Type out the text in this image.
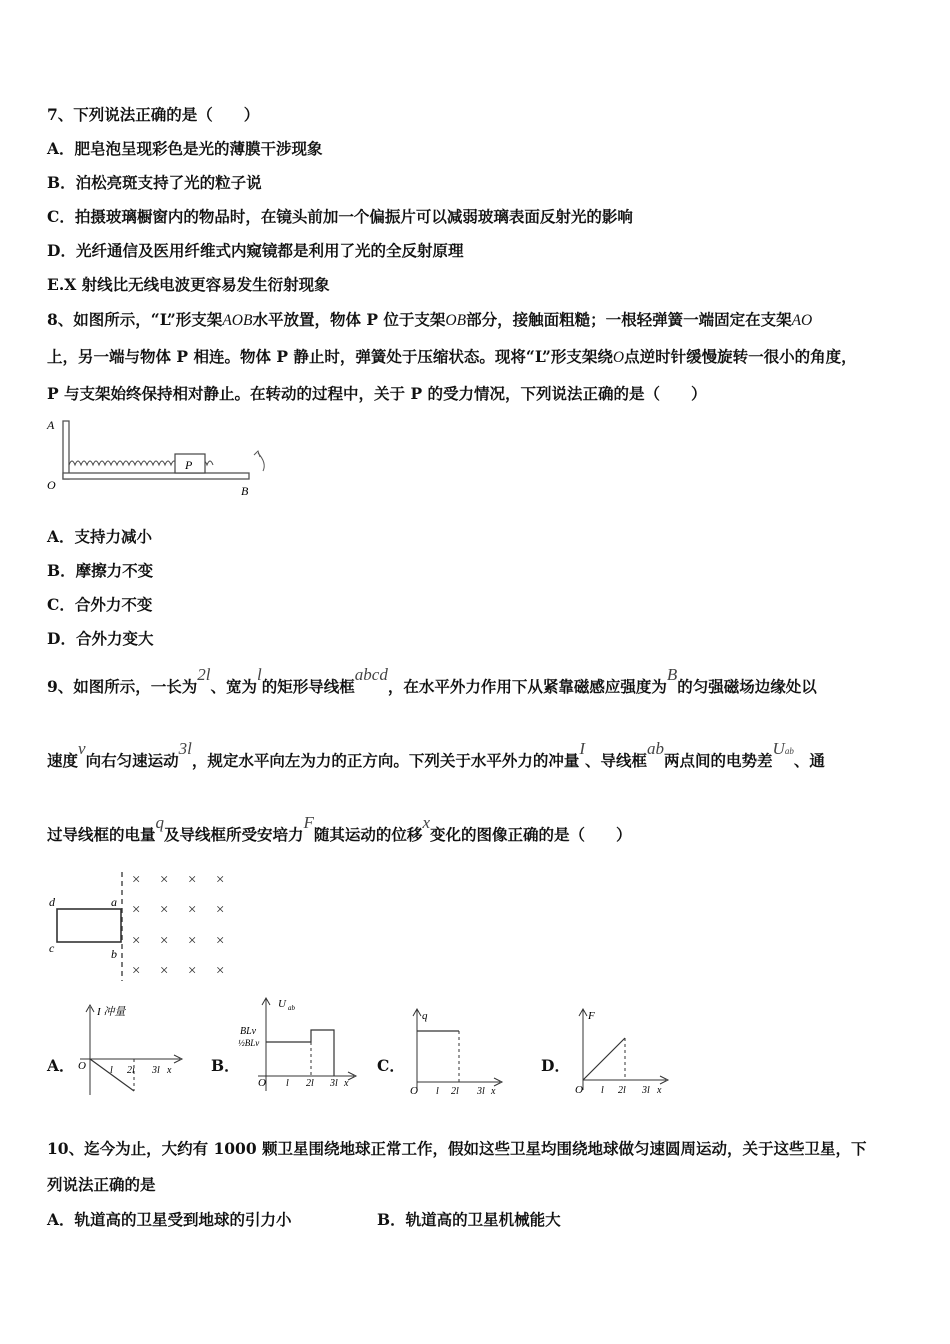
7、下列说法正确的是（　　）
A．肥皂泡呈现彩色是光的薄膜干涉现象
B．泊松亮斑支持了光的粒子说
C．拍摄玻璃橱窗内的物品时，在镜头前加一个偏振片可以减弱玻璃表面反射光的影响
D．光纤通信及医用纤维式内窥镜都是利用了光的全反射原理
E.X 射线比无线电波更容易发生衍射现象
8、如图所示，“L”形支架AOB水平放置，物体 P 位于支架OB部分，接触面粗糙；一根轻弹簧一端固定在支架AO
上，另一端与物体 P 相连。物体 P 静止时，弹簧处于压缩状态。现将“L”形支架绕O点逆时针缓慢旋转一很小的角度，
P 与支架始终保持相对静止。在转动的过程中，关于 P 的受力情况，下列说法正确的是（　　）
P
A
O	B
A．支持力减小
B．摩擦力不变
C．合外力不变
D．合外力变大
9、如图所示，一长为2l、宽为l的矩形导线框abcd，在水平外力作用下从紧靠磁感应强度为B的匀强磁场边缘处以
速度v向右匀速运动3l，规定水平向左为力的正方向。下列关于水平外力的冲量I、导线框ab两点间的电势差Uab、通
过导线框的电量q及导线框所受安培力F随其运动的位移x变化的图像正确的是（　　）
d	a
c	b
× × × ×
× × × ×
× × × ×
× × × ×
A．
I 冲量
O l 2l 3l x	B．
U ab
BLv
½BLv
O l 2l 3l x
C．
q
O l 2l 3l x
D．
F
O l 2l 3l x
10、迄今为止，大约有 1000 颗卫星围绕地球正常工作，假如这些卫星均围绕地球做匀速圆周运动，关于这些卫星，下
列说法正确的是
A．轨道高的卫星受到地球的引力小	B．轨道高的卫星机械能大
